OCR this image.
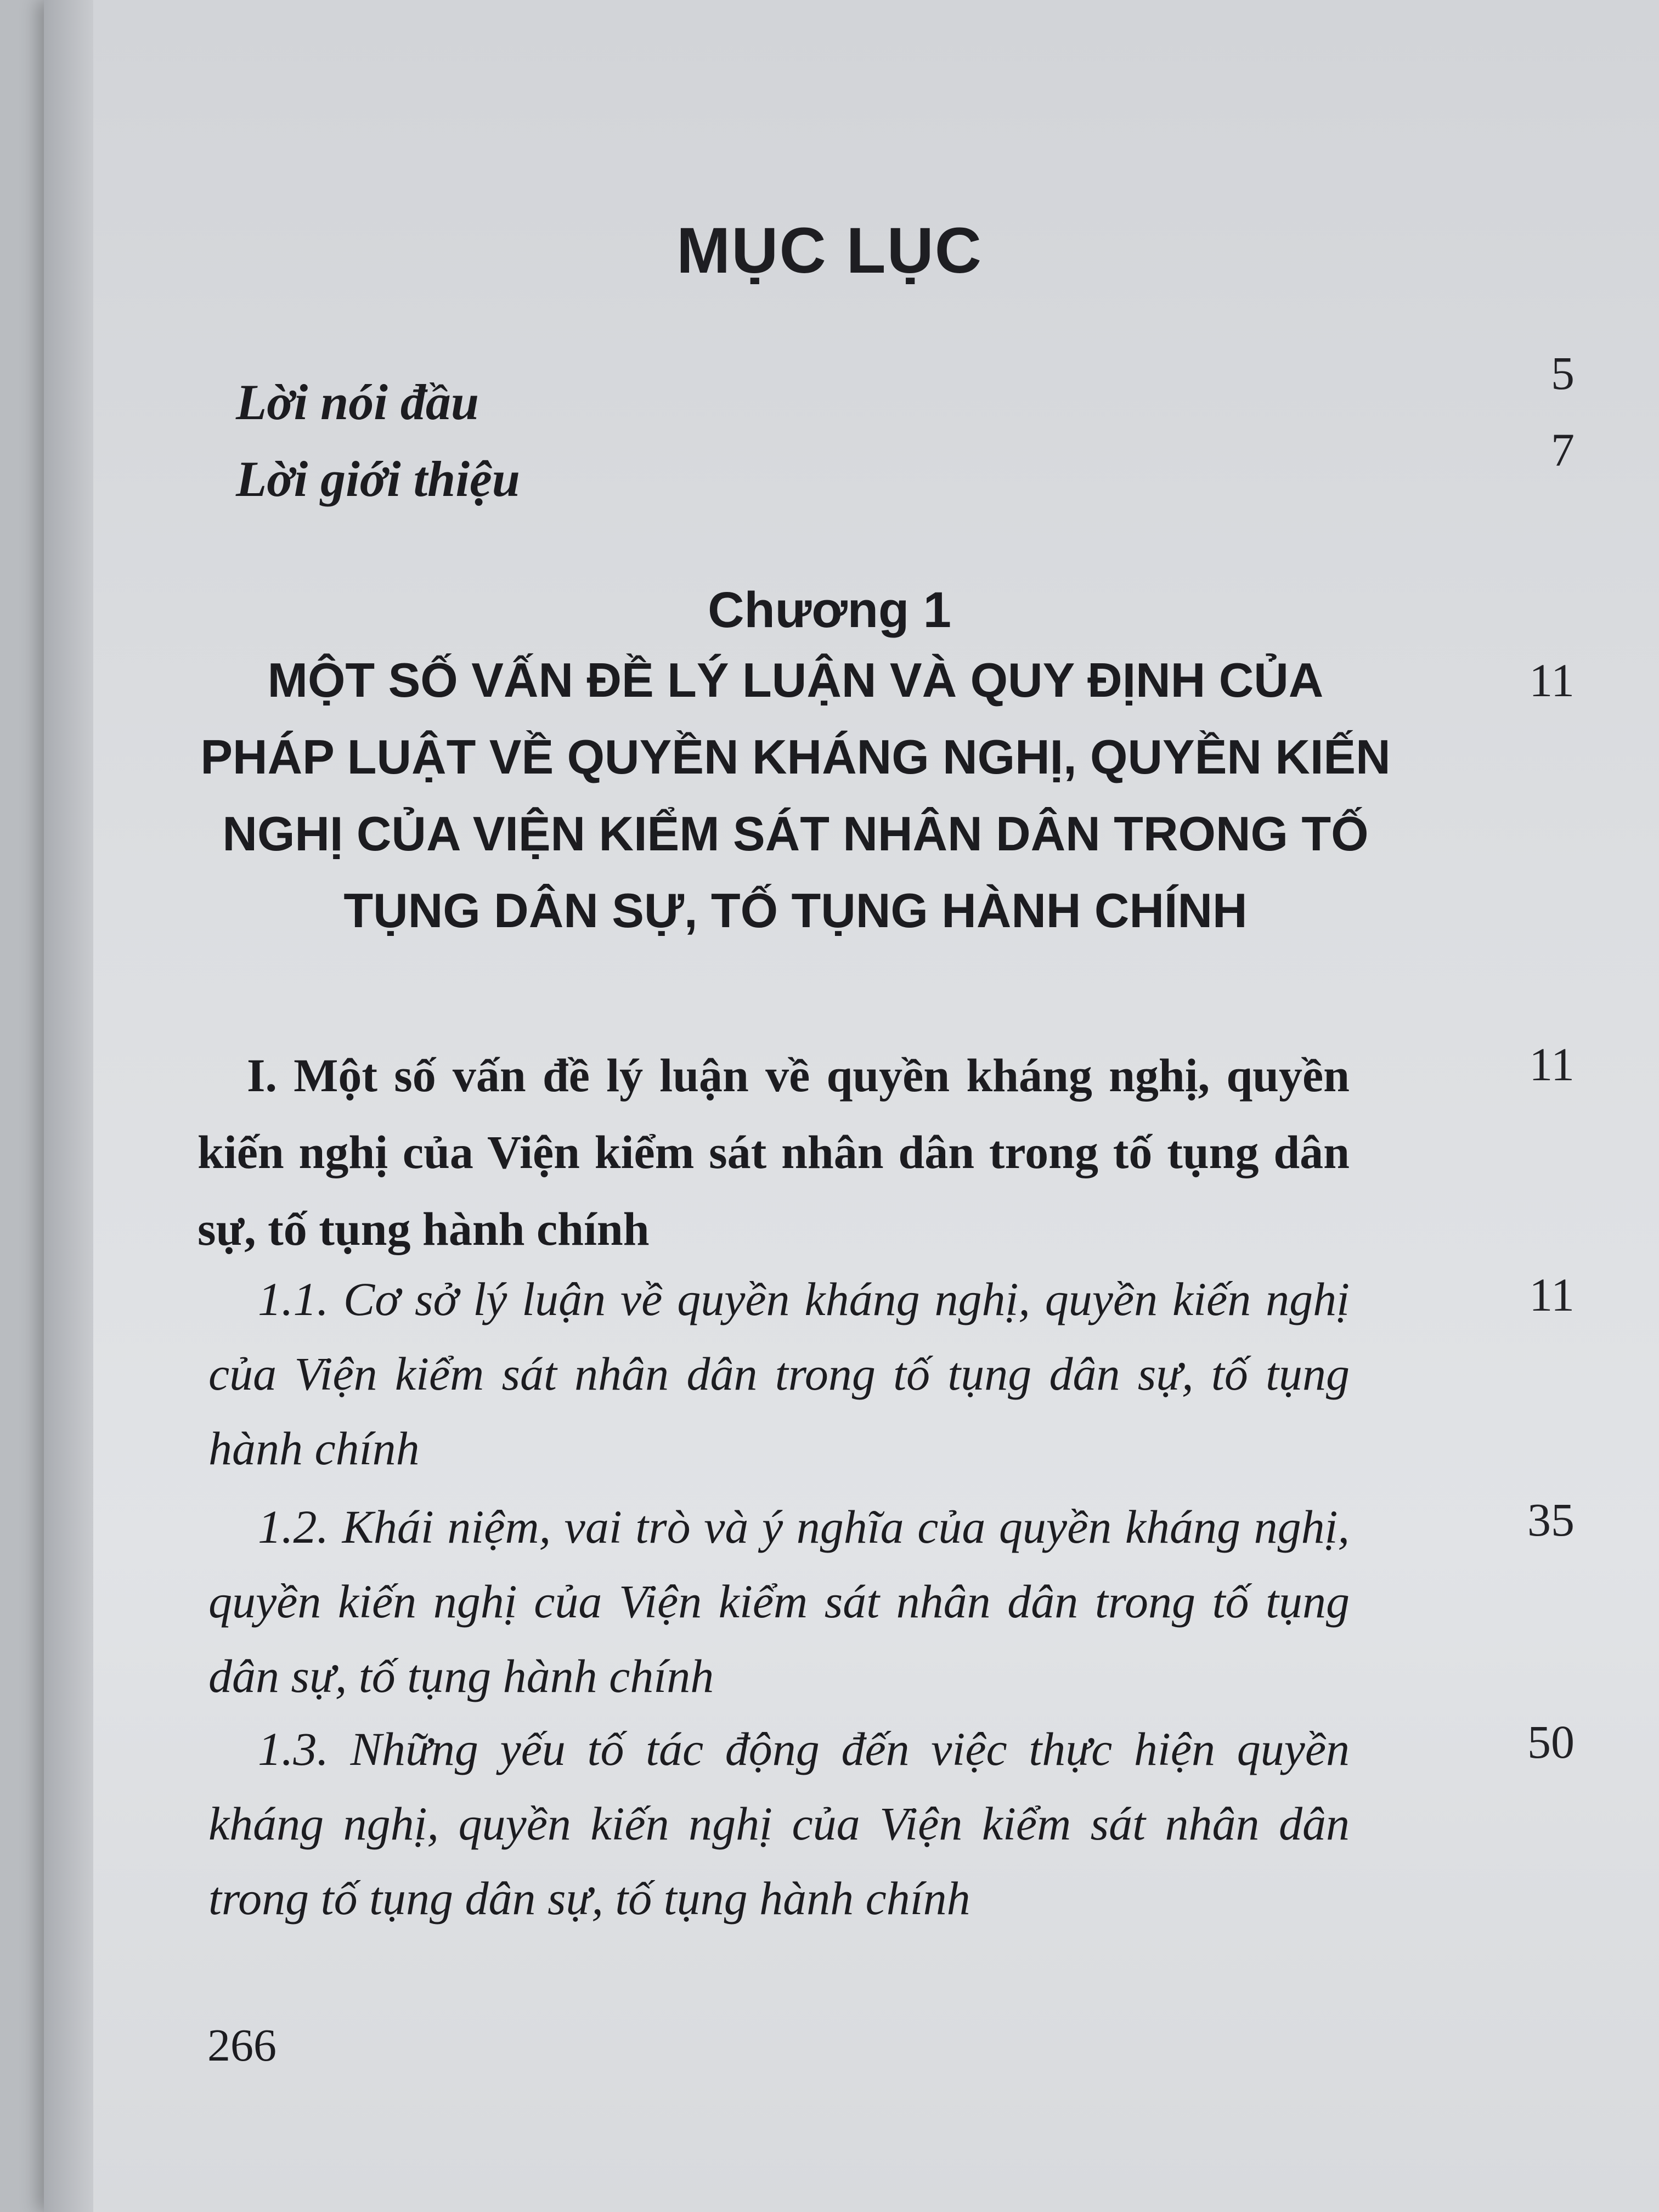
MỤC LỤC
Lời nói đầu
5
Lời giới thiệu
7
Chương 1
MỘT SỐ VẤN ĐỀ LÝ LUẬN VÀ QUY ĐỊNH CỦA PHÁP LUẬT VỀ QUYỀN KHÁNG NGHỊ, QUYỀN KIẾN NGHỊ CỦA VIỆN KIỂM SÁT NHÂN DÂN TRONG TỐ TỤNG DÂN SỰ, TỐ TỤNG HÀNH CHÍNH
11
I. Một số vấn đề lý luận về quyền kháng nghị, quyền kiến nghị của Viện kiểm sát nhân dân trong tố tụng dân sự, tố tụng hành chính
11
1.1. Cơ sở lý luận về quyền kháng nghị, quyền kiến nghị của Viện kiểm sát nhân dân trong tố tụng dân sự, tố tụng hành chính
11
1.2. Khái niệm, vai trò và ý nghĩa của quyền kháng nghị, quyền kiến nghị của Viện kiểm sát nhân dân trong tố tụng dân sự, tố tụng hành chính
35
1.3. Những yếu tố tác động đến việc thực hiện quyền kháng nghị, quyền kiến nghị của Viện kiểm sát nhân dân trong tố tụng dân sự, tố tụng hành chính
50
266
